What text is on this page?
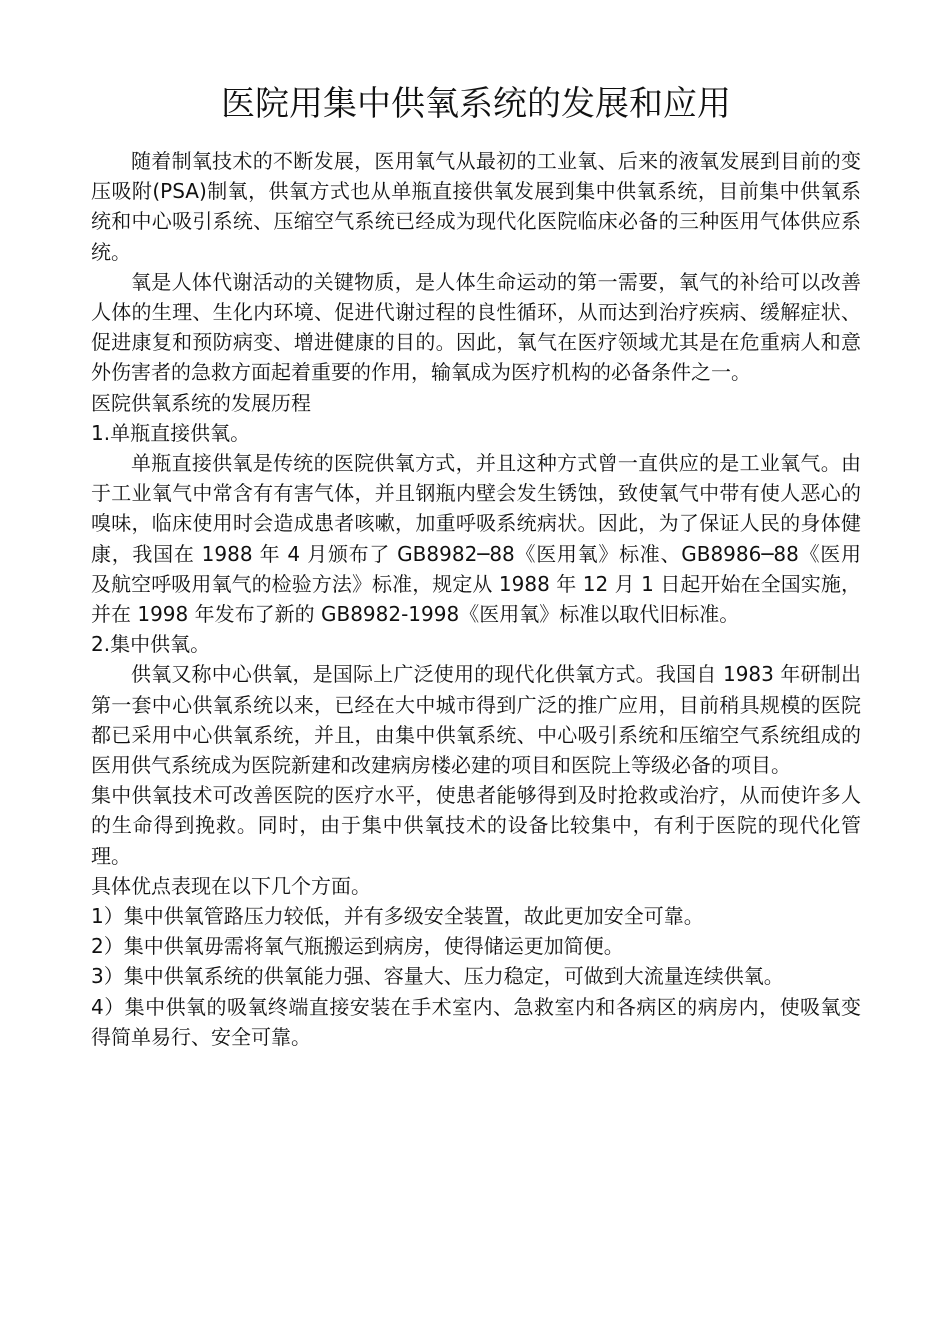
医院用集中供氧系统的发展和应用

随着制氧技术的不断发展，医用氧气从最初的工业氧、后来的液氧发展到目前的变压吸附(PSA)制氧，供氧方式也从单瓶直接供氧发展到集中供氧系统，目前集中供氧系统和中心吸引系统、压缩空气系统已经成为现代化医院临床必备的三种医用气体供应系统。

氧是人体代谢活动的关键物质，是人体生命运动的第一需要，氧气的补给可以改善人体的生理、生化内环境、促进代谢过程的良性循环，从而达到治疗疾病、缓解症状、促进康复和预防病变、增进健康的目的。因此，氧气在医疗领域尤其是在危重病人和意外伤害者的急救方面起着重要的作用，输氧成为医疗机构的必备条件之一。

医院供氧系统的发展历程

1.单瓶直接供氧。

单瓶直接供氧是传统的医院供氧方式，并且这种方式曾一直供应的是工业氧气。由于工业氧气中常含有有害气体，并且钢瓶内壁会发生锈蚀，致使氧气中带有使人恶心的嗅味，临床使用时会造成患者咳嗽，加重呼吸系统病状。因此，为了保证人民的身体健康，我国在 1988 年 4 月颁布了 GB8982─88《医用氧》标准、GB8986─88《医用及航空呼吸用氧气的检验方法》标准，规定从 1988 年 12 月 1 日起开始在全国实施，并在 1998 年发布了新的 GB8982-1998《医用氧》标准以取代旧标准。

2.集中供氧。

供氧又称中心供氧，是国际上广泛使用的现代化供氧方式。我国自 1983 年研制出第一套中心供氧系统以来，已经在大中城市得到广泛的推广应用，目前稍具规模的医院都已采用中心供氧系统，并且，由集中供氧系统、中心吸引系统和压缩空气系统组成的医用供气系统成为医院新建和改建病房楼必建的项目和医院上等级必备的项目。

集中供氧技术可改善医院的医疗水平，使患者能够得到及时抢救或治疗，从而使许多人的生命得到挽救。同时，由于集中供氧技术的设备比较集中，有利于医院的现代化管理。

具体优点表现在以下几个方面。

1）集中供氧管路压力较低，并有多级安全装置，故此更加安全可靠。

2）集中供氧毋需将氧气瓶搬运到病房，使得储运更加简便。

3）集中供氧系统的供氧能力强、容量大、压力稳定，可做到大流量连续供氧。

4）集中供氧的吸氧终端直接安装在手术室内、急救室内和各病区的病房内，使吸氧变得简单易行、安全可靠。
